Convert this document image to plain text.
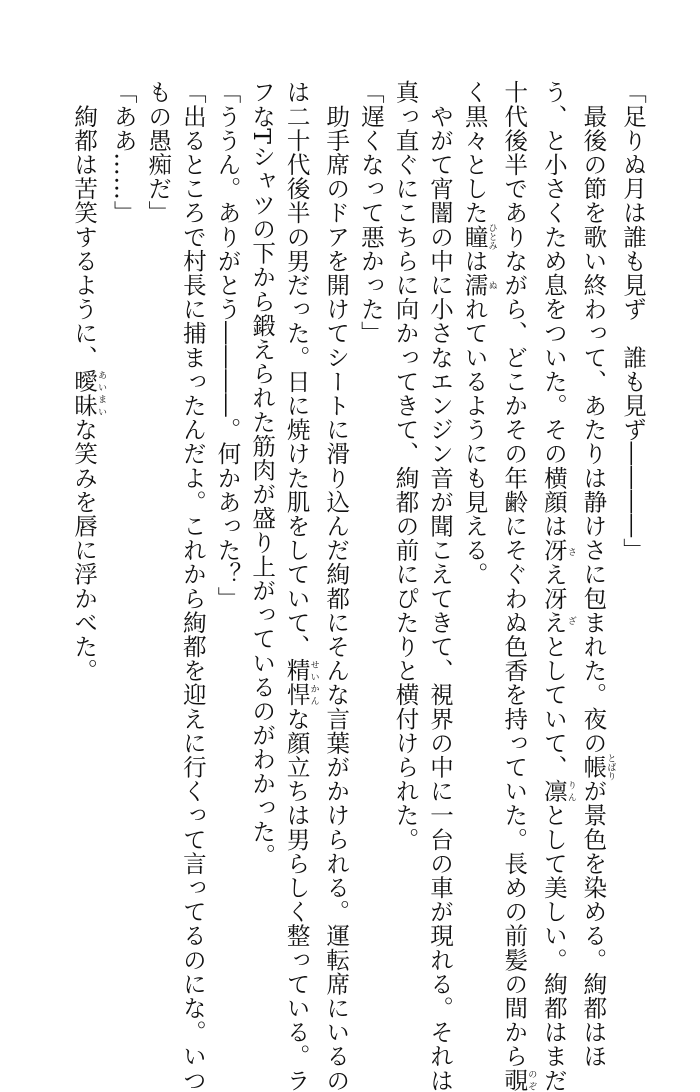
「足りぬ月は誰も見ず　誰も見ず――――」

　最後の節を歌い終わって、あたりは静けさに包まれた。夜の帳とばりが景色を染める。絢都はほ

う、と小さくため息をついた。その横顔は冴え冴えさ　ざとしていて、凛りんとして美しい。絢都はまだ

十代後半でありながら、どこかその年齢にそぐわぬ色香を持っていた。長めの前髪の間から覗のぞ

く黒々とした瞳ひとみは濡ぬれているようにも見える。

　やがて宵闇の中に小さなエンジン音が聞こえてきて、視界の中に一台の車が現れる。それは

真っ直ぐにこちらに向かってきて、絢都の前にぴたりと横付けられた。

「遅くなって悪かった」

　助手席のドアを開けてシートに滑り込んだ絢都にそんな言葉がかけられる。運転席にいるの

は二十代後半の男だった。日に焼けた肌をしていて、精悍せいかんな顔立ちは男らしく整っている。ラ

フなTシャツの下から鍛えられた筋肉が盛り上がっているのがわかった。

「ううん。ありがとう――――。何かあった？」

「出るところで村長に捕まったんだよ。これから絢都を迎えに行くって言ってるのにな。いつ

もの愚痴だ」

「ああ……」

　絢都は苦笑するように、曖昧あいまいな笑みを唇に浮かべた。
